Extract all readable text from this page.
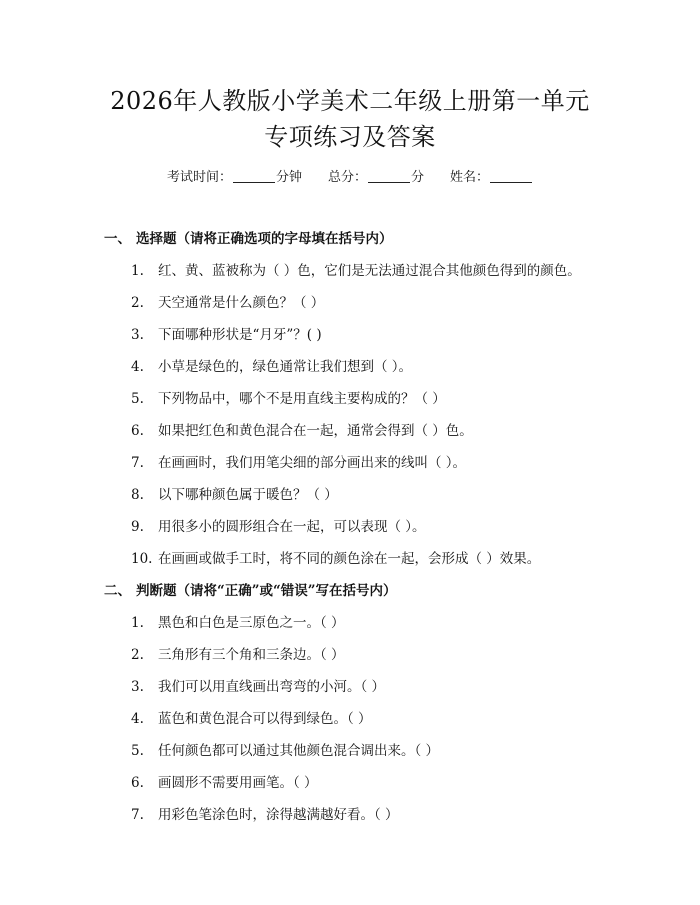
2026年人教版小学美术二年级上册第一单元
专项练习及答案
考试时间：	分钟 总分：	分 姓名：
一、 选择题（请将正确选项的字母填在括号内）
1. 红、黄、蓝被称为（ ）色，它们是无法通过混合其他颜色得到的颜色。
2. 天空通常是什么颜色？（ ）
3. 下面哪种形状是“月牙”？( )
4. 小草是绿色的，绿色通常让我们想到（ ）。
5. 下列物品中，哪个不是用直线主要构成的？（ ）
6. 如果把红色和黄色混合在一起，通常会得到（ ）色。
7. 在画画时，我们用笔尖细的部分画出来的线叫（ ）。
8. 以下哪种颜色属于暖色？（ ）
9. 用很多小的圆形组合在一起，可以表现（ ）。
10. 在画画或做手工时，将不同的颜色涂在一起，会形成（ ）效果。
二、 判断题（请将“正确”或“错误”写在括号内）
1. 黑色和白色是三原色之一。（ ）
2. 三角形有三个角和三条边。（ ）
3. 我们可以用直线画出弯弯的小河。（ ）
4. 蓝色和黄色混合可以得到绿色。（ ）
5. 任何颜色都可以通过其他颜色混合调出来。（ ）
6. 画圆形不需要用画笔。（ ）
7. 用彩色笔涂色时，涂得越满越好看。（ ）
